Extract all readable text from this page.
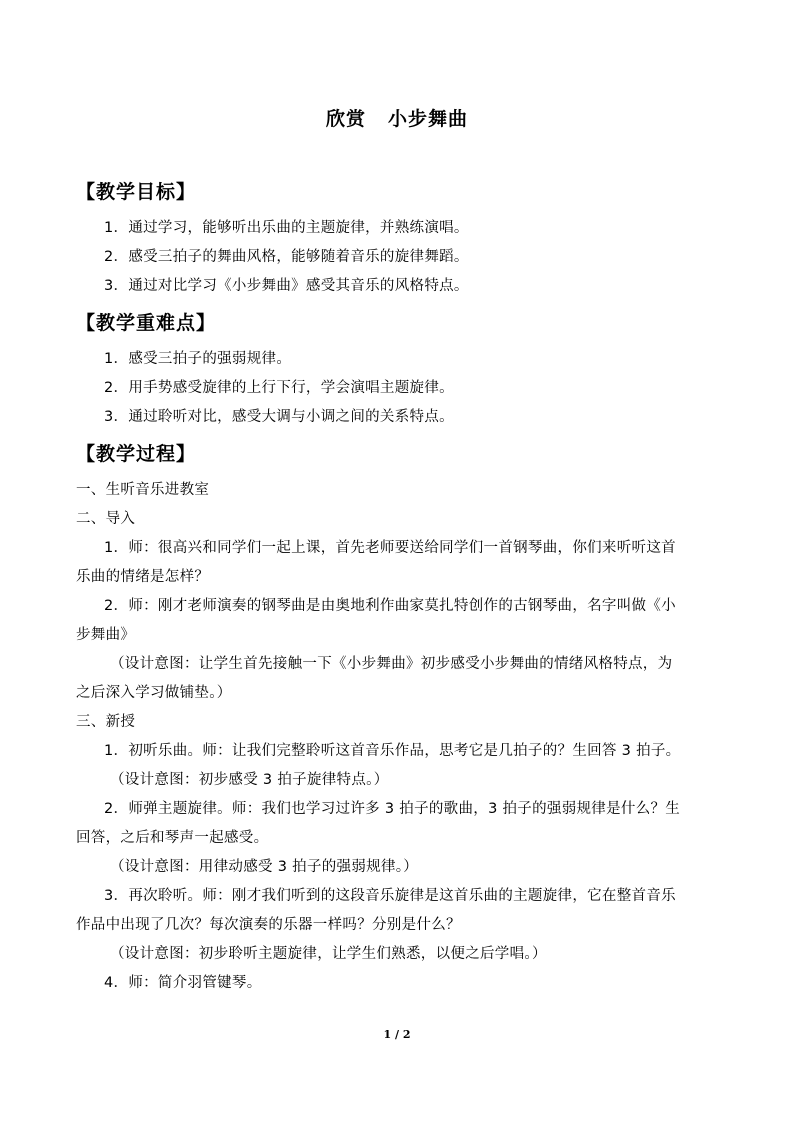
欣赏 小步舞曲
【教学目标】
1．通过学习，能够听出乐曲的主题旋律，并熟练演唱。
2．感受三拍子的舞曲风格，能够随着音乐的旋律舞蹈。
3．通过对比学习《小步舞曲》感受其音乐的风格特点。
【教学重难点】
1．感受三拍子的强弱规律。
2．用手势感受旋律的上行下行，学会演唱主题旋律。
3．通过聆听对比，感受大调与小调之间的关系特点。
【教学过程】
一、生听音乐进教室
二、导入
1．师：很高兴和同学们一起上课，首先老师要送给同学们一首钢琴曲，你们来听听这首
乐曲的情绪是怎样？
2．师：刚才老师演奏的钢琴曲是由奥地利作曲家莫扎特创作的古钢琴曲，名字叫做《小
步舞曲》
（设计意图：让学生首先接触一下《小步舞曲》初步感受小步舞曲的情绪风格特点，为
之后深入学习做铺垫。）
三、新授
1．初听乐曲。师：让我们完整聆听这首音乐作品，思考它是几拍子的？生回答 3 拍子。
（设计意图：初步感受 3 拍子旋律特点。）
2．师弹主题旋律。师：我们也学习过许多 3 拍子的歌曲，3 拍子的强弱规律是什么？生
回答，之后和琴声一起感受。
（设计意图：用律动感受 3 拍子的强弱规律。）
3．再次聆听。师：刚才我们听到的这段音乐旋律是这首乐曲的主题旋律，它在整首音乐
作品中出现了几次？每次演奏的乐器一样吗？分别是什么？
（设计意图：初步聆听主题旋律，让学生们熟悉，以便之后学唱。）
4．师：简介羽管键琴。
1 / 2
